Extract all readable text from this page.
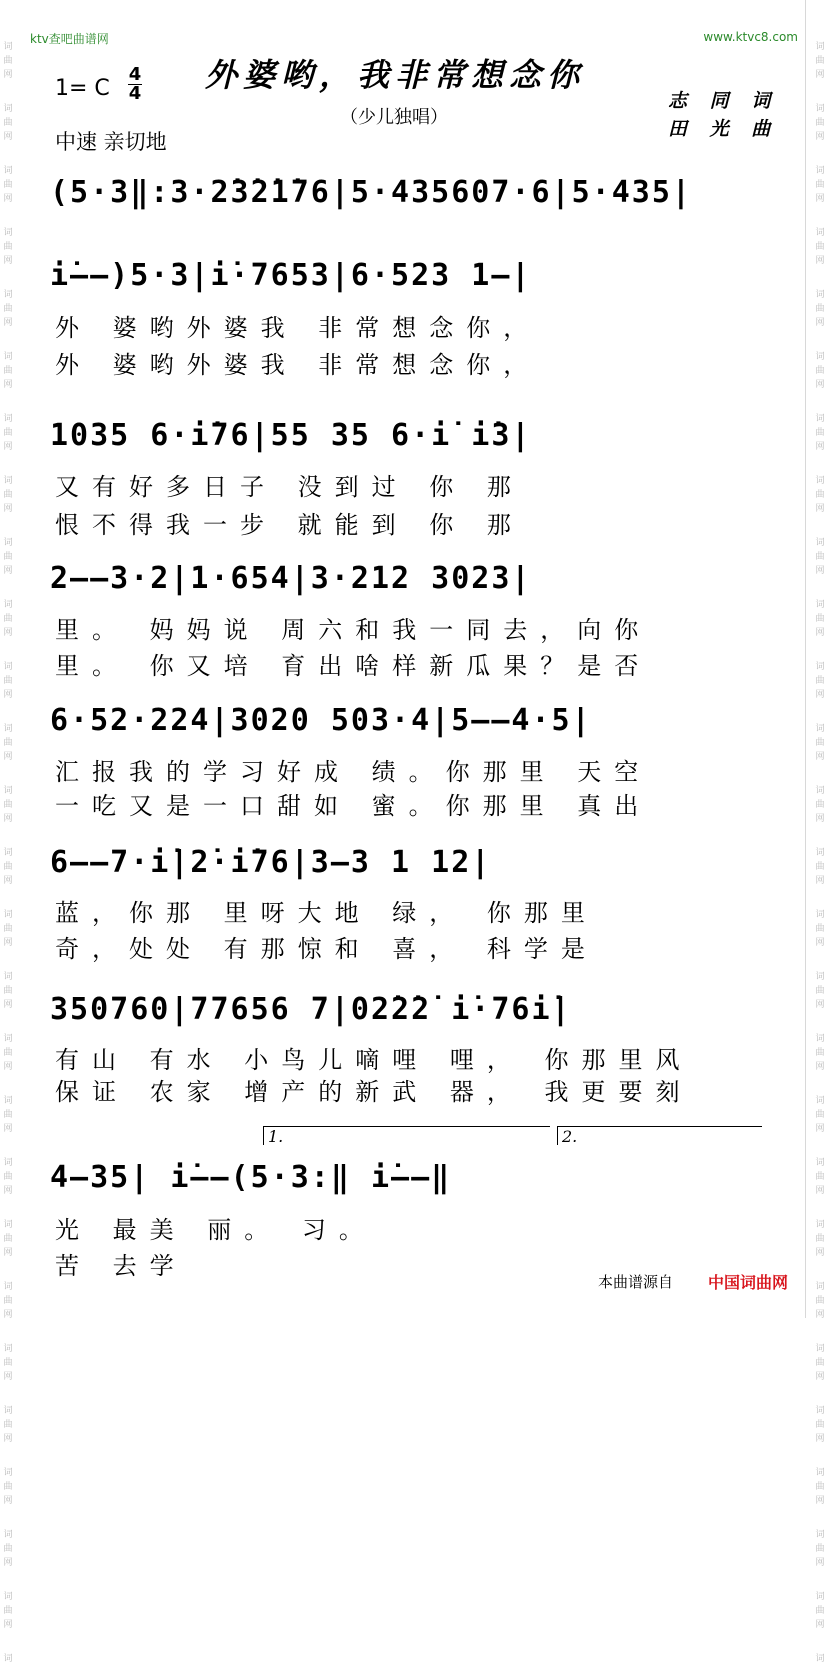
词
曲
网
词
曲
网
词
曲
网
词
曲
网
词
曲
网
词
曲
网
词
曲
网
词
曲
网
词
曲
网
词
曲
网
词
曲
网
词
曲
网
词
曲
网
词
曲
网
词
曲
网
词
曲
网
词
曲
网
词
曲
网
词
曲
网
词
曲
网
词
曲
网
词
曲
网
词
曲
网
词
曲
网
词
曲
网
词
曲
网
词
词
曲
网
词
曲
网
词
曲
网
词
曲
网
词
曲
网
词
曲
网
词
曲
网
词
曲
网
词
曲
网
词
曲
网
词
曲
网
词
曲
网
词
曲
网
词
曲
网
词
曲
网
词
曲
网
词
曲
网
词
曲
网
词
曲
网
词
曲
网
词
曲
网
词
曲
网
词
曲
网
词
曲
网
词
曲
网
词
曲
网
词
ktv查吧曲谱网	www.ktvc8.com
1= C
4
4 外婆哟，我非常想念你
（少儿独唱）
中速 亲切地
志 同 词
田 光 曲
(5·3‖:3·2̇3̇2̇1̇76|5·435607·6|5·435|
i̇——)5·3|i̇·7653|6·523 1—|
外 婆哟外婆我 非常想念你，
外 婆哟外婆我 非常想念你，
1035 6·i̇76|55 35 6·i̇ i̇3|
又有好多日子 没到过 你 那
恨不得我一步 就能到 你 那
2——3·2|1·654|3·212 3023|
里。 妈妈说 周六和我一同去，向你
里。 你又培 育出啥样新瓜果？是否
6·52·224|3020 503·4|5——4·5|
汇报我的学习好成 绩。你那里 天空
一吃又是一口甜如 蜜。你那里 真出
6——7·i̇|2̇·i̇76|3—3 1 12|
蓝，你那 里呀大地 绿， 你那里
奇，处处 有那惊和 喜， 科学是
350760|77656 7|02̇2̇2̇ i̇·76i̇|
有山 有水 小鸟儿嘀哩 哩， 你那里风
保证 农家 增产的新武 器， 我更要刻
1.	2.
4—35| i̇——(5·3:‖ i̇——‖
光 最美 丽。 习。
苦 去学
本曲谱源自 中国词曲网
